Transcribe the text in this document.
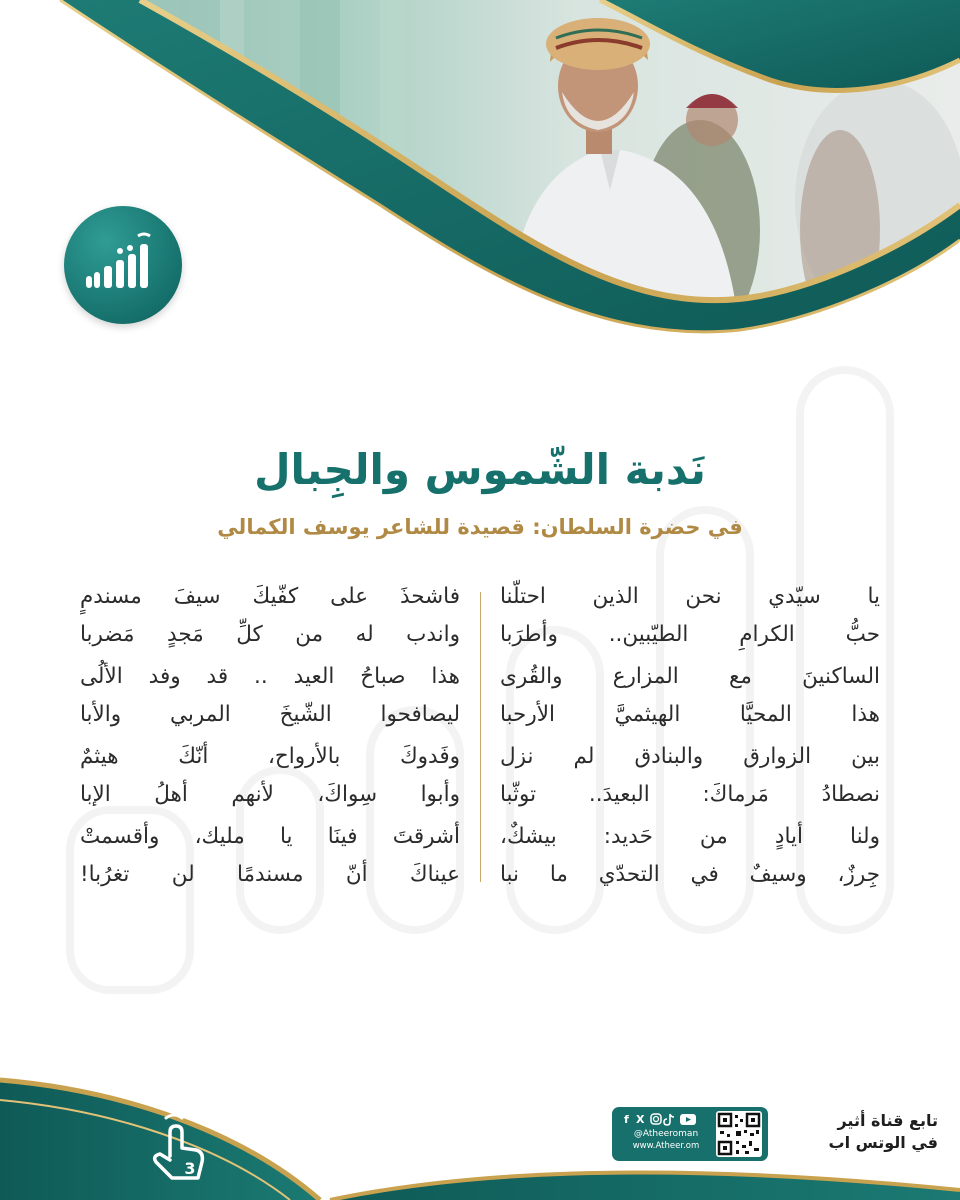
نَدبة الشّموس والجِبال
في حضرة السلطان: قصيدة للشاعر يوسف الكمالي
يا سيّدي نحن الذين احتلّنا
حبُّ الكرامِ الطيّبين.. وأطرَبا
الساكنينَ مع المزارع والقُرى
هذا المحيَّا الهيثميَّ الأرحبا
بين الزوارق والبنادق لم نزل
نصطادُ مَرماكَ: البعيدَ.. توثّبا
ولنا أيادٍ من حَديد: بيشكٌ،
جِرزٌ، وسيفٌ في التحدّي ما نبا
فاشحذَ على كفّيكَ سيفَ مسندمٍ
واندب له من كلِّ مَجدٍ مَضربا
هذا صباحُ العيد .. قد وفد الألُى
ليصافحوا الشّيخَ المربي والأبا
وفَدوكَ بالأرواح، أنّكَ هيثمٌ
وأبوا سِواكَ، لأنهم أهلُ الإبا
أشرقتَ فينَا يا مليك، وأقسمتْ
عيناكَ أنّ مسندمًا لن تغرُبا!
3
f X
@Atheeroman
www.Atheer.om
تابع قناة أثير
في الوتس اب
